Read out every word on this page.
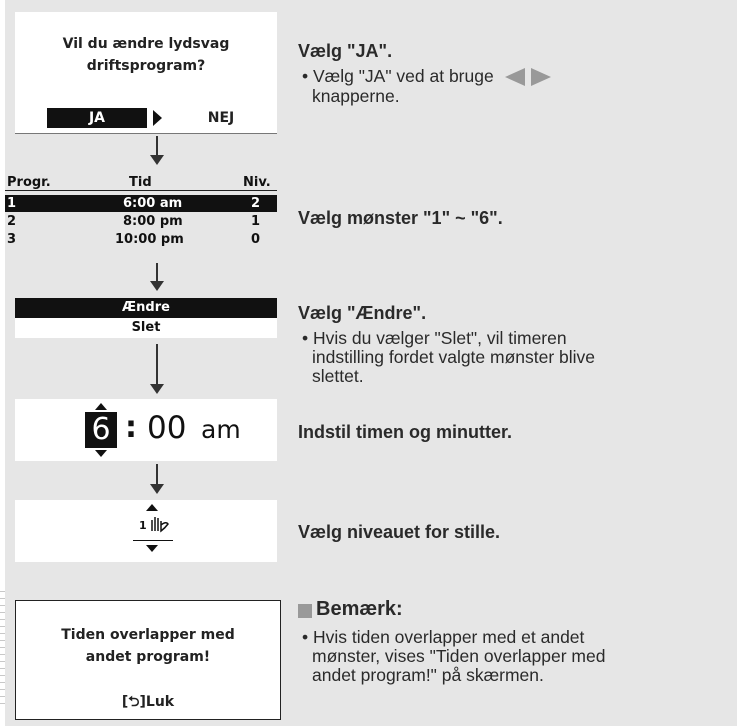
Vil du ændre lydsvag
driftsprogram?
JA	NEJ
Vælg "JA".
• Vælg "JA" ved at bruge
knapperne.
Progr.	Tid	Niv.
1	6:00 am	2
2	8:00 pm	1
3	10:00 pm	0
Vælg mønster "1" ~ "6".
Ændre
Slet
Vælg "Ændre".
• Hvis du vælger "Slet", vil timeren
indstilling fordet valgte mønster blive
slettet.
6 : 00 am	Indstil timen og minutter.
1	Vælg niveauet for stille.
Tiden overlapper med
andet program!
[⮌]Luk
Bemærk:
• Hvis tiden overlapper med et andet
mønster, vises "Tiden overlapper med
andet program!" på skærmen.
